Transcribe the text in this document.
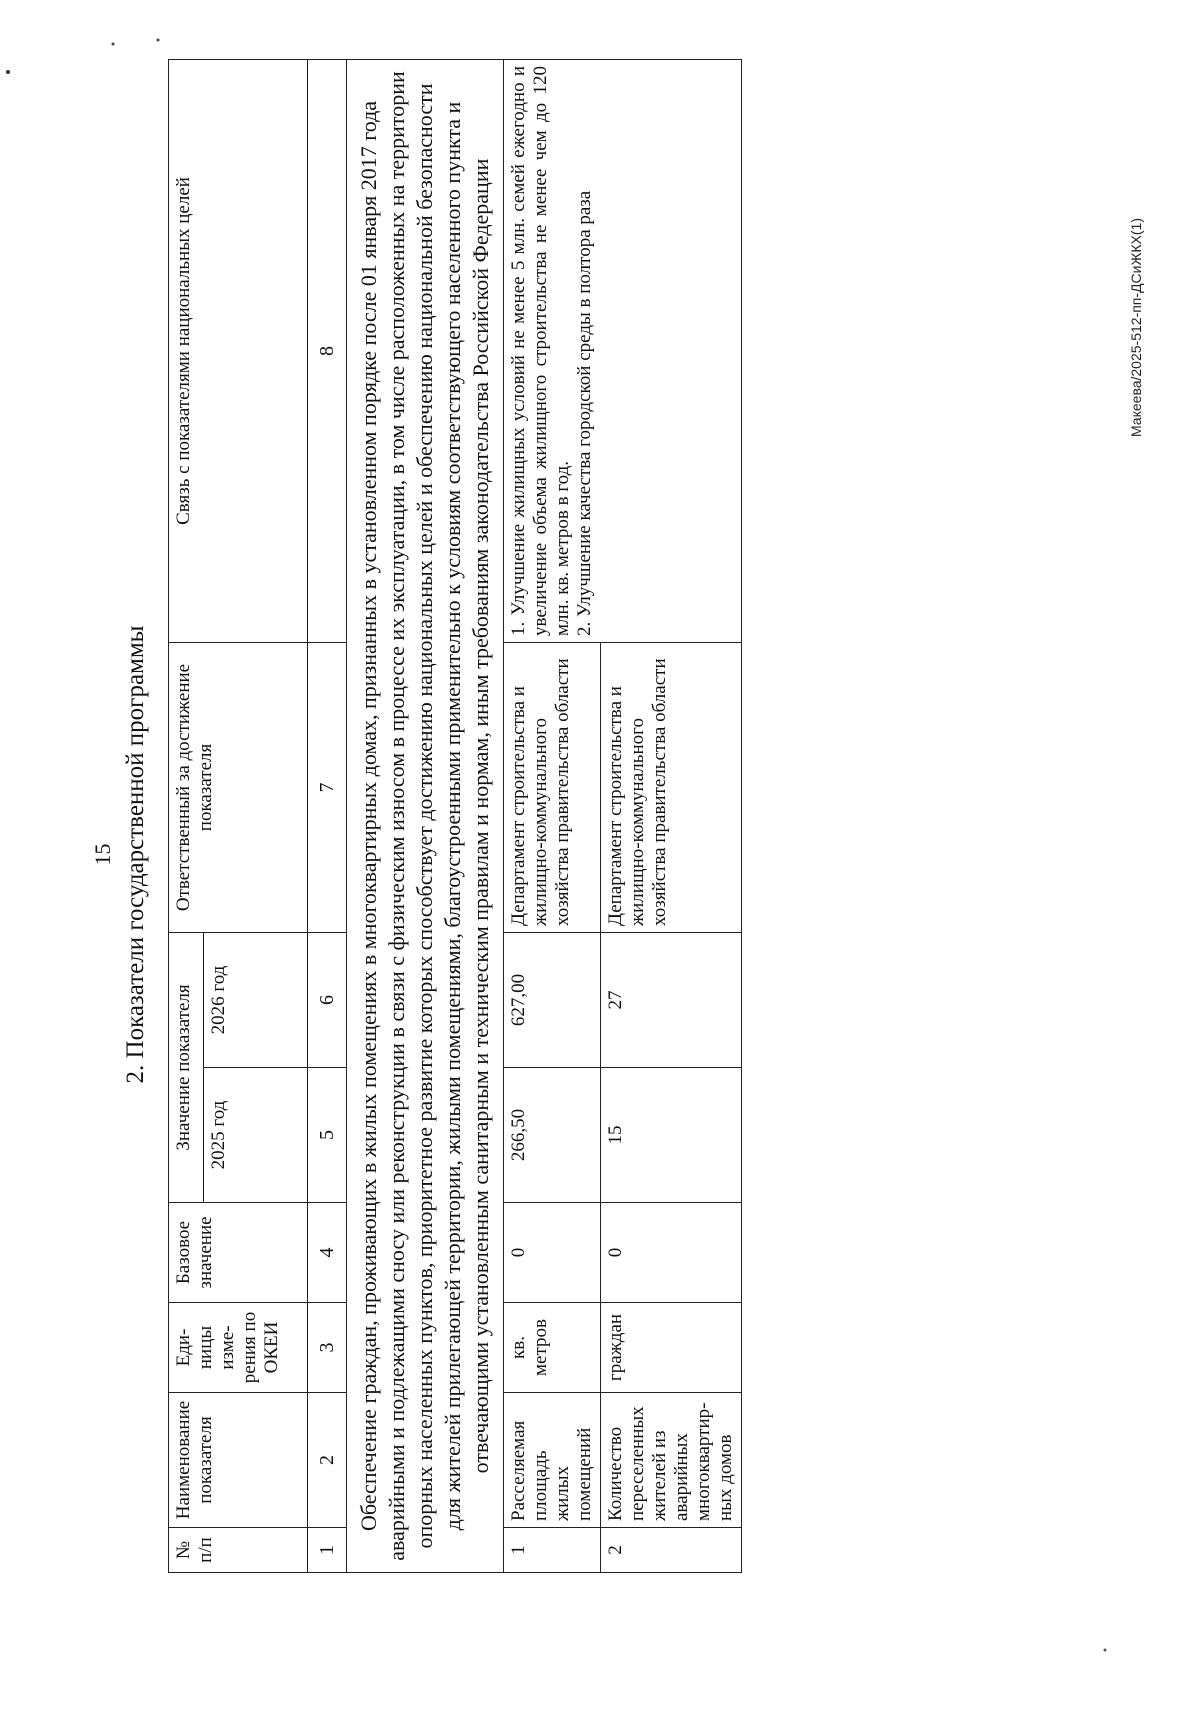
15 2. Показатели государственной программы
№ п/п	Наименование показателя	Еди-ницы изме-рения по ОКЕИ	Базовое значение	Значение показателя		Ответственный за достижение показателя	Связь с показателями национальных целей
				2025 год	2026 год		
1	2	3	4	5	6	7	8
Обеспечение граждан, проживающих в жилых помещениях в многоквартирных домах, признанных в установленном порядке после 01 января 2017 года аварийными и подлежащими сносу или реконструкции в связи с физическим износом в процессе их эксплуатации, в том числе расположенных на территории опорных населенных пунктов, приоритетное развитие которых способствует достижению национальных целей и обеспечению национальной безопасности для жителей прилегающей территории, жилыми помещениями, благоустроенными применительно к условиям соответствующего населенного пункта и отвечающими установленным санитарным и техническим правилам и нормам, иным требованиям законодательства Российской Федерации							
1	Расселяемая площадь жилых помещений	кв. метров	0	266,50	627,00	Департамент строительства и жилищно-коммунального хозяйства правительства области	1. Улучшение жилищных условий не менее 5 млн. семей ежегодно и увеличение объема жилищного строительства не менее чем до 120 млн. кв. метров в год. 2. Улучшение качества городской среды в полтора раза

2	Количество переселенных жителей из аварийных многоквартир-ных домов	граждан	0	15	27	Департамент строительства и жилищно-коммунального хозяйства правительства области	
Макеева/2025-512-пп-ДСиЖКХ(1)
